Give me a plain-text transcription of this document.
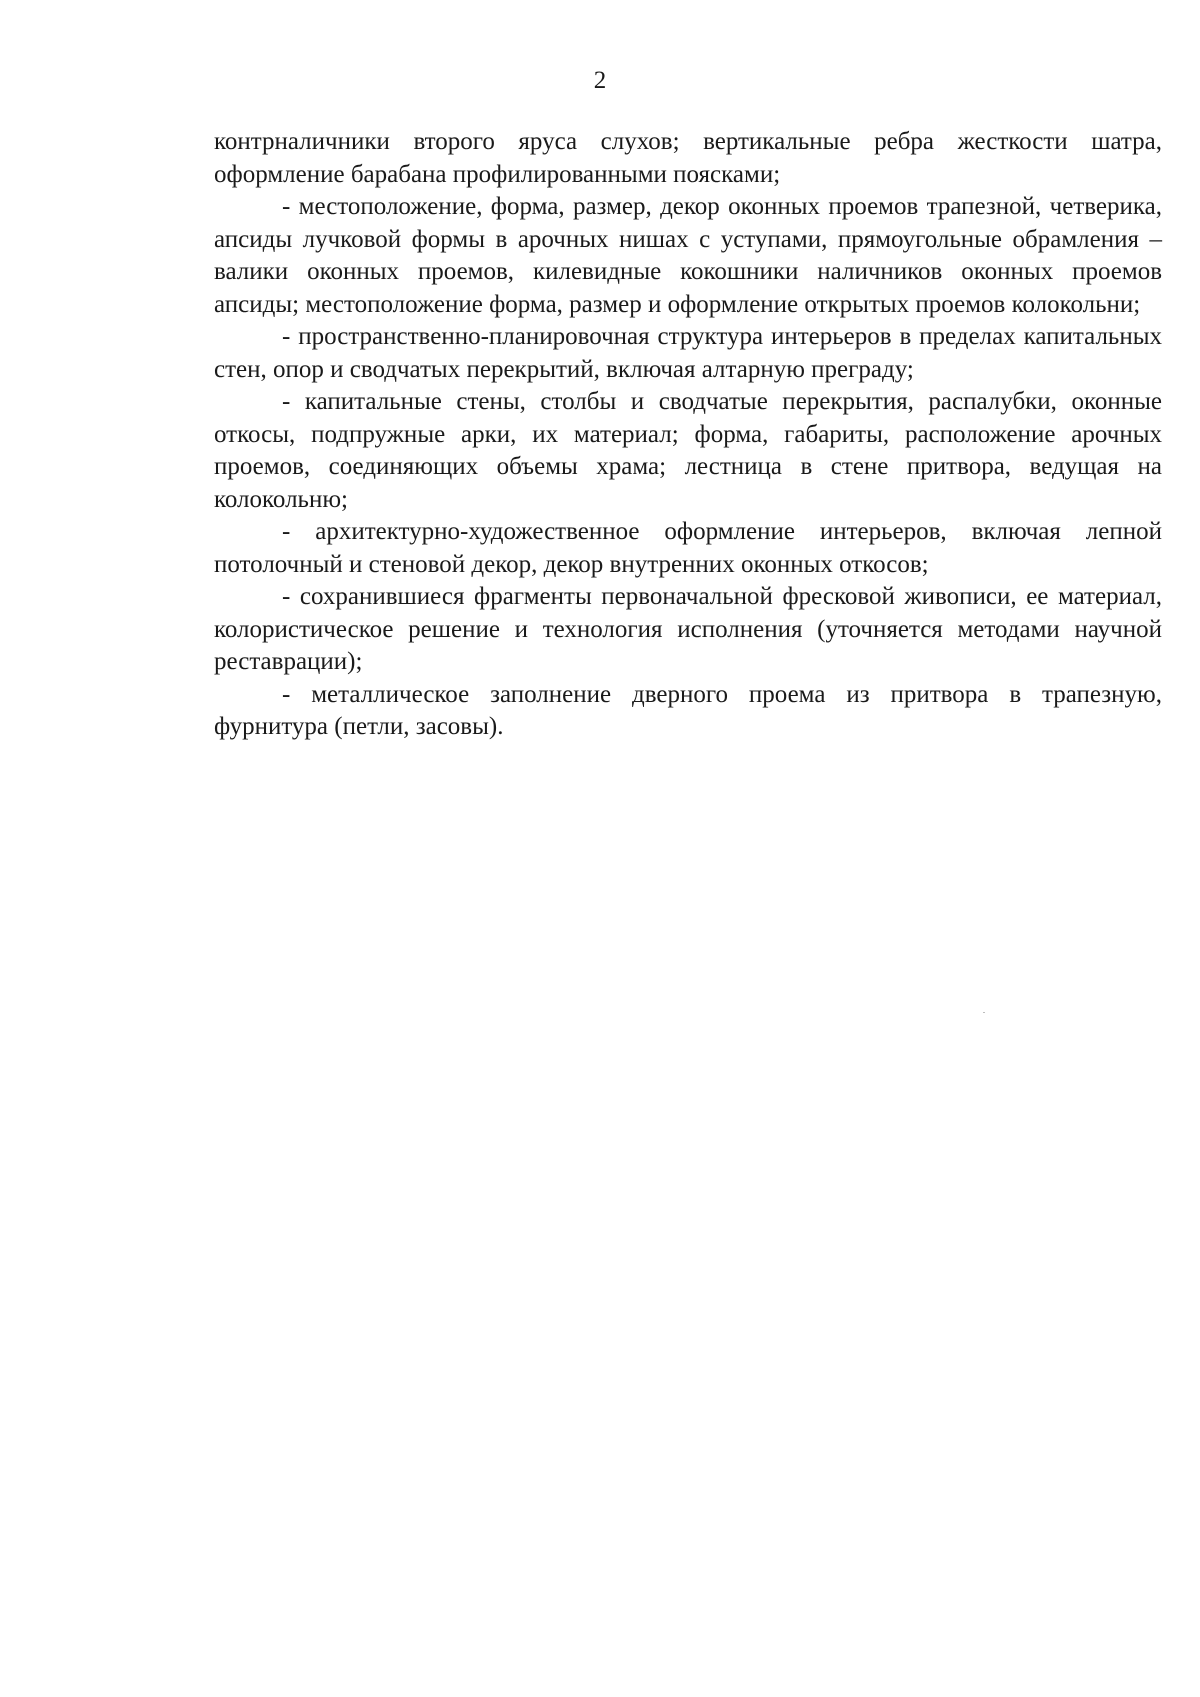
2

контрналичники второго яруса слухов; вертикальные ребра жесткости шатра, оформление барабана профилированными поясками;

- местоположение, форма, размер, декор оконных проемов трапезной, четверика, апсиды лучковой формы в арочных нишах с уступами, прямоугольные обрамления – валики оконных проемов, килевидные кокошники наличников оконных проемов апсиды; местоположение форма, размер и оформление открытых проемов колокольни;

- пространственно-планировочная структура интерьеров в пределах капитальных стен, опор и сводчатых перекрытий, включая алтарную преграду;

- капитальные стены, столбы и сводчатые перекрытия, распалубки, оконные откосы, подпружные арки, их материал; форма, габариты, расположение арочных проемов, соединяющих объемы храма; лестница в стене притвора, ведущая на колокольню;

- архитектурно-художественное оформление интерьеров, включая лепной потолочный и стеновой декор, декор внутренних оконных откосов;

- сохранившиеся фрагменты первоначальной фресковой живописи, ее материал, колористическое решение и технология исполнения (уточняется методами научной реставрации);

- металлическое заполнение дверного проема из притвора в трапезную, фурнитура (петли, засовы).
